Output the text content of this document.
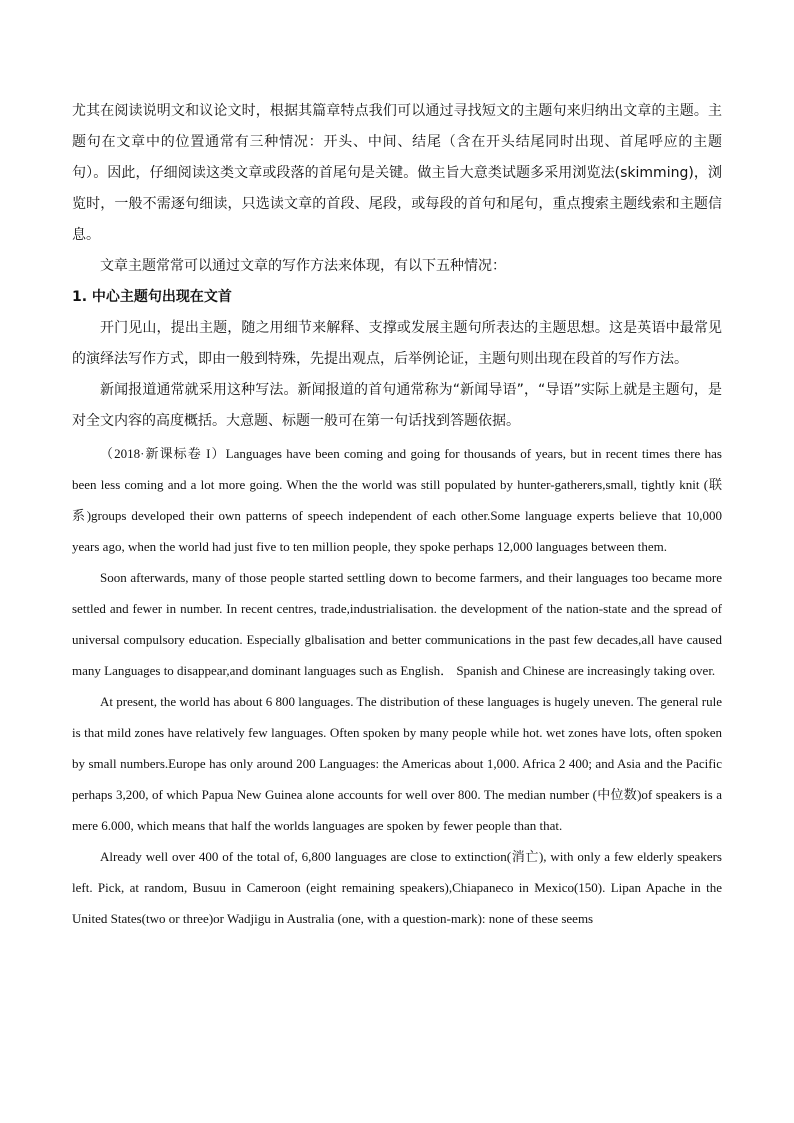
尤其在阅读说明文和议论文时，根据其篇章特点我们可以通过寻找短文的主题句来归纳出文章的主题。主题句在文章中的位置通常有三种情况：开头、中间、结尾（含在开头结尾同时出现、首尾呼应的主题句）。因此，仔细阅读这类文章或段落的首尾句是关键。做主旨大意类试题多采用浏览法(skimming)，浏览时，一般不需逐句细读，只选读文章的首段、尾段，或每段的首句和尾句，重点搜索主题线索和主题信息。

文章主题常常可以通过文章的写作方法来体现，有以下五种情况：

1. 中心主题句出现在文首

开门见山，提出主题，随之用细节来解释、支撑或发展主题句所表达的主题思想。这是英语中最常见的演绎法写作方式，即由一般到特殊，先提出观点，后举例论证，主题句则出现在段首的写作方法。

新闻报道通常就采用这种写法。新闻报道的首句通常称为“新闻导语”，“导语”实际上就是主题句，是对全文内容的高度概括。大意题、标题一般可在第一句话找到答题依据。

（2018·新课标卷 I）Languages have been coming and going for thousands of years, but in recent times there has been less coming and a lot more going. When the the world was still populated by hunter-gatherers,small, tightly knit (联系)groups developed their own patterns of speech independent of each other.Some language experts believe that 10,000 years ago, when the world had just five to ten million people, they spoke perhaps 12,000 languages between them.

Soon afterwards, many of those people started settling down to become farmers, and their languages too became more settled and fewer in number. In recent centres, trade,industrialisation. the development of the nation-state and the spread of universal compulsory education. Especially glbalisation and better communications in the past few decades,all have caused many Languages to disappear,and dominant languages such as English． Spanish and Chinese are increasingly taking over.

At present, the world has about 6 800 languages. The distribution of these languages is hugely uneven. The general rule is that mild zones have relatively few languages. Often spoken by many people while hot. wet zones have lots, often spoken by small numbers.Europe has only around 200 Languages: the Americas about 1,000. Africa 2 400; and Asia and the Pacific perhaps 3,200, of which Papua New Guinea alone accounts for well over 800. The median number (中位数)of speakers is a mere 6.000, which means that half the worlds languages are spoken by fewer people than that.

Already well over 400 of the total of, 6,800 languages are close to extinction(消亡), with only a few elderly speakers left. Pick, at random, Busuu in Cameroon (eight remaining speakers),Chiapaneco in Mexico(150). Lipan Apache in the United States(two or three)or Wadjigu in Australia (one, with a question-mark): none of these seems
